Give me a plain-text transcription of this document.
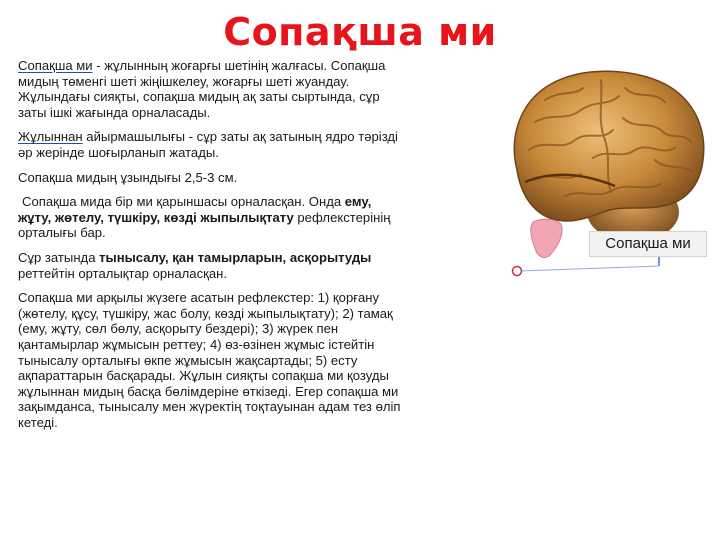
Сопақша ми

Сопақша ми - жұлынның жоғарғы шетінің жалғасы. Сопақша мидың төменгі шеті жіңішкелеу, жоғарғы шеті жуандау. Жұлындағы сияқты, сопақша мидың ақ заты сыртында, сұр заты ішкі жағында орналасады.

Жұлыннан айырмашылығы - сұр заты ақ затының ядро тәрізді әр жерінде шоғырланып жатады.

Сопақша мидың ұзындығы 2,5-3 см.

Сопақша мида бір ми қарыншасы орналасқан. Онда ему, жұту, жөтелу, түшкіру, көзді жыпылықтату рефлекстерінің орталығы бар.

Сұр затында тынысалу, қан тамырларын, асқорытуды реттейтін орталықтар орналасқан.

Сопақша ми арқылы жүзеге асатын рефлекстер: 1) қорғану (жөтелу, құсу, түшкіру, жас болу, көзді жыпылықтату); 2) тамақ (ему, жұту, сөл бөлу, асқорыту бездері); 3) жүрек пен қантамырлар жұмысын реттеу; 4) өз-өзінен жұмыс істейтін тынысалу орталығы өкпе жұмысын жақсартады; 5) есту ақпараттарын басқарады. Жұлын сияқты сопақша ми қозуды жұлыннан мидың басқа бөлімдеріне өткізеді. Егер сопақша ми зақымданса, тынысалу мен жүректің тоқтауынан адам тез өліп кетеді.

Сопақша ми
